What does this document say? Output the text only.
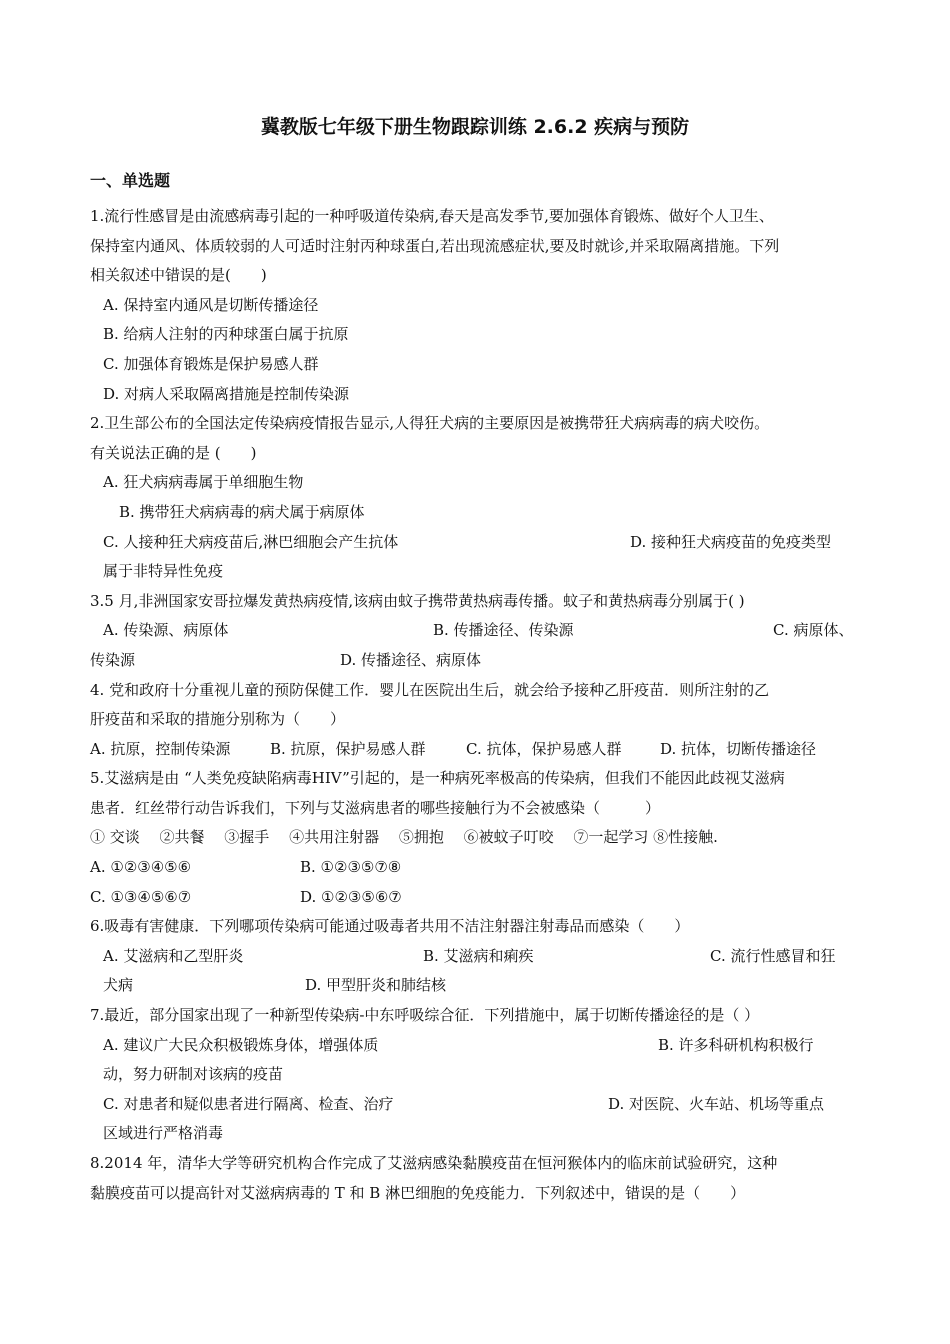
冀教版七年级下册生物跟踪训练 2.6.2 疾病与预防
一、单选题

1.流行性感冒是由流感病毒引起的一种呼吸道传染病,春天是高发季节,要加强体育锻炼、做好个人卫生、

保持室内通风、体质较弱的人可适时注射丙种球蛋白,若出现流感症状,要及时就诊,并采取隔离措施。下列

相关叙述中错误的是(　　)

A. 保持室内通风是切断传播途径

B. 给病人注射的丙种球蛋白属于抗原

C. 加强体育锻炼是保护易感人群

D. 对病人采取隔离措施是控制传染源

2.卫生部公布的全国法定传染病疫情报告显示,人得狂犬病的主要原因是被携带狂犬病病毒的病犬咬伤。

有关说法正确的是 (　　)

A. 狂犬病病毒属于单细胞生物

B. 携带狂犬病病毒的病犬属于病原体

C. 人接种狂犬病疫苗后,淋巴细胞会产生抗体	D. 接种狂犬病疫苗的免疫类型

属于非特异性免疫

3.5 月,非洲国家安哥拉爆发黄热病疫情,该病由蚊子携带黄热病毒传播。蚊子和黄热病毒分别属于( )

A. 传染源、病原体	B. 传播途径、传染源	C. 病原体、
传染源	D. 传播途径、病原体

4. 党和政府十分重视儿童的预防保健工作．婴儿在医院出生后，就会给予接种乙肝疫苗．则所注射的乙

肝疫苗和采取的措施分别称为（　　）

A. 抗原，控制传染源	B. 抗原，保护易感人群	C. 抗体，保护易感人群	D. 抗体，切断传播途径

5.艾滋病是由 “人类免疫缺陷病毒HIV”引起的，是一种病死率极高的传染病，但我们不能因此歧视艾滋病

患者．红丝带行动告诉我们，下列与艾滋病患者的哪些接触行为不会被感染（　　　）

① 交谈　 ②共餐　 ③握手　 ④共用注射器　 ⑤拥抱　 ⑥被蚊子叮咬　 ⑦一起学习 ⑧性接触.

A. ①②③④⑤⑥	B. ①②③⑤⑦⑧
C. ①③④⑤⑥⑦	D. ①②③⑤⑥⑦

6.吸毒有害健康．下列哪项传染病可能通过吸毒者共用不洁注射器注射毒品而感染（　　）

A. 艾滋病和乙型肝炎	B. 艾滋病和痢疾	C. 流行性感冒和狂
犬病	D. 甲型肝炎和肺结核

7.最近，部分国家出现了一种新型传染病-中东呼吸综合征．下列措施中，属于切断传播途径的是（ ）

A. 建议广大民众积极锻炼身体，增强体质	B. 许多科研机构积极行

动，努力研制对该病的疫苗

C. 对患者和疑似患者进行隔离、检查、治疗	D. 对医院、火车站、机场等重点

区域进行严格消毒

8.2014 年，清华大学等研究机构合作完成了艾滋病感染黏膜疫苗在恒河猴体内的临床前试验研究，这种

黏膜疫苗可以提高针对艾滋病病毒的 T 和 B 淋巴细胞的免疫能力．下列叙述中，错误的是（　　）
